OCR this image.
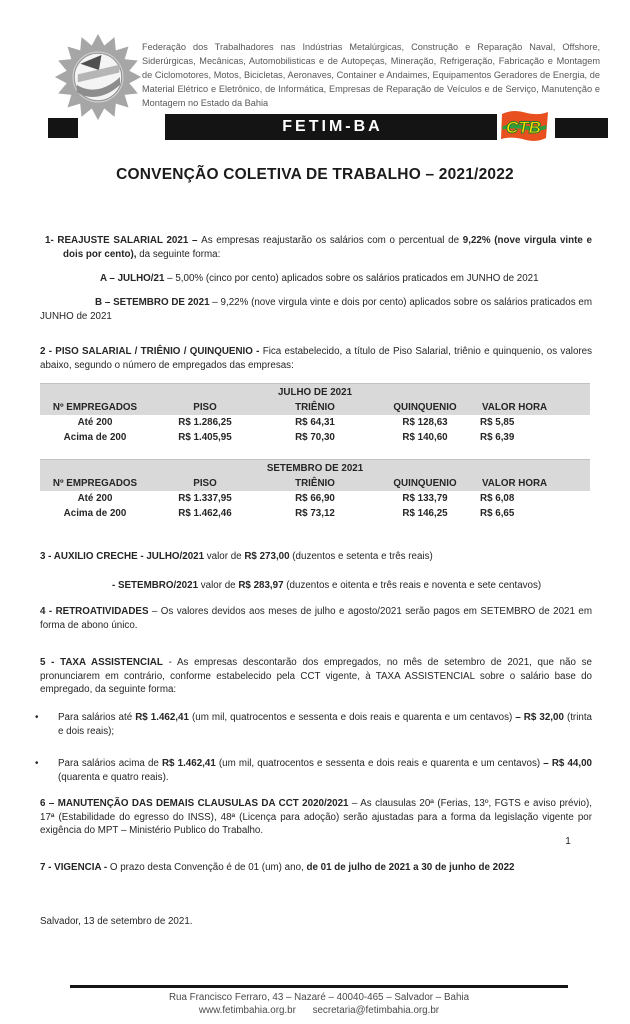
Federação dos Trabalhadores nas Indústrias Metalúrgicas, Construção e Reparação Naval, Offshore, Siderúrgicas, Mecânicas, Automobilisticas e de Autopeças, Mineração, Refrigeração, Fabricação e Montagem de Ciclomotores, Motos, Bicicletas, Aeronaves, Container e Andaimes, Equipamentos Geradores de Energia, de Material Elétrico e Eletrônico, de Informática, Empresas de Reparação de Veículos e de Serviço, Manutenção e Montagem no Estado da Bahia

FETIM-BA	CTB
CONVENÇÃO COLETIVA DE TRABALHO – 2021/2022

1- REAJUSTE SALARIAL 2021 – As empresas reajustarão os salários com o percentual de 9,22% (nove virgula vinte e dois por cento), da seguinte forma:

A – JULHO/21 – 5,00% (cinco por cento) aplicados sobre os salários praticados em JUNHO de 2021

B – SETEMBRO DE 2021 – 9,22% (nove virgula vinte e dois por cento) aplicados sobre os salários praticados em JUNHO de 2021

2 - PISO SALARIAL / TRIÊNIO / QUINQUENIO - Fica estabelecido, a título de Piso Salarial, triênio e quinquenio, os valores abaixo, segundo o número de empregados das empresas:

JULHO DE 2021				
Nº EMPREGADOS	PISO	TRIÊNIO	QUINQUENIO	VALOR HORA
Até 200	R$ 1.286,25	R$ 64,31	R$ 128,63	R$ 5,85
Acima de 200	R$ 1.405,95	R$ 70,30	R$ 140,60	R$ 6,39
SETEMBRO DE 2021				
Nº EMPREGADOS	PISO	TRIÊNIO	QUINQUENIO	VALOR HORA
Até 200	R$ 1.337,95	R$ 66,90	R$ 133,79	R$ 6,08
Acima de 200	R$ 1.462,46	R$ 73,12	R$ 146,25	R$ 6,65

3 - AUXILIO CRECHE - JULHO/2021 valor de R$ 273,00 (duzentos e setenta e três reais)

- SETEMBRO/2021 valor de R$ 283,97 (duzentos e oitenta e três reais e noventa e sete centavos)

4 - RETROATIVIDADES – Os valores devidos aos meses de julho e agosto/2021 serão pagos em SETEMBRO de 2021 em forma de abono único.

5 - TAXA ASSISTENCIAL - As empresas descontarão dos empregados, no mês de setembro de 2021, que não se pronunciarem em contrário, conforme estabelecido pela CCT vigente, à TAXA ASSISTENCIAL sobre o salário base do empregado, da seguinte forma:

•	Para salários até R$ 1.462,41 (um mil, quatrocentos e sessenta e dois reais e quarenta e um centavos) – R$ 32,00 (trinta e dois reais);

•	Para salários acima de R$ 1.462,41 (um mil, quatrocentos e sessenta e dois reais e quarenta e um centavos) – R$ 44,00 (quarenta e quatro reais).

6 – MANUTENÇÃO DAS DEMAIS CLAUSULAS DA CCT 2020/2021 – As clausulas 20ª (Ferias, 13º, FGTS e aviso prévio), 17ª (Estabilidade do egresso do INSS), 48ª (Licença para adoção) serão ajustadas para a forma da legislação vigente por exigência do MPT – Ministério Publico do Trabalho.

1

7 - VIGENCIA - O prazo desta Convenção é de 01 (um) ano, de 01 de julho de 2021 a 30 de junho de 2022

Salvador, 13 de setembro de 2021.

Rua Francisco Ferraro, 43 – Nazaré – 40040-465 – Salvador – Bahia
www.fetimbahia.org.br secretaria@fetimbahia.org.br
